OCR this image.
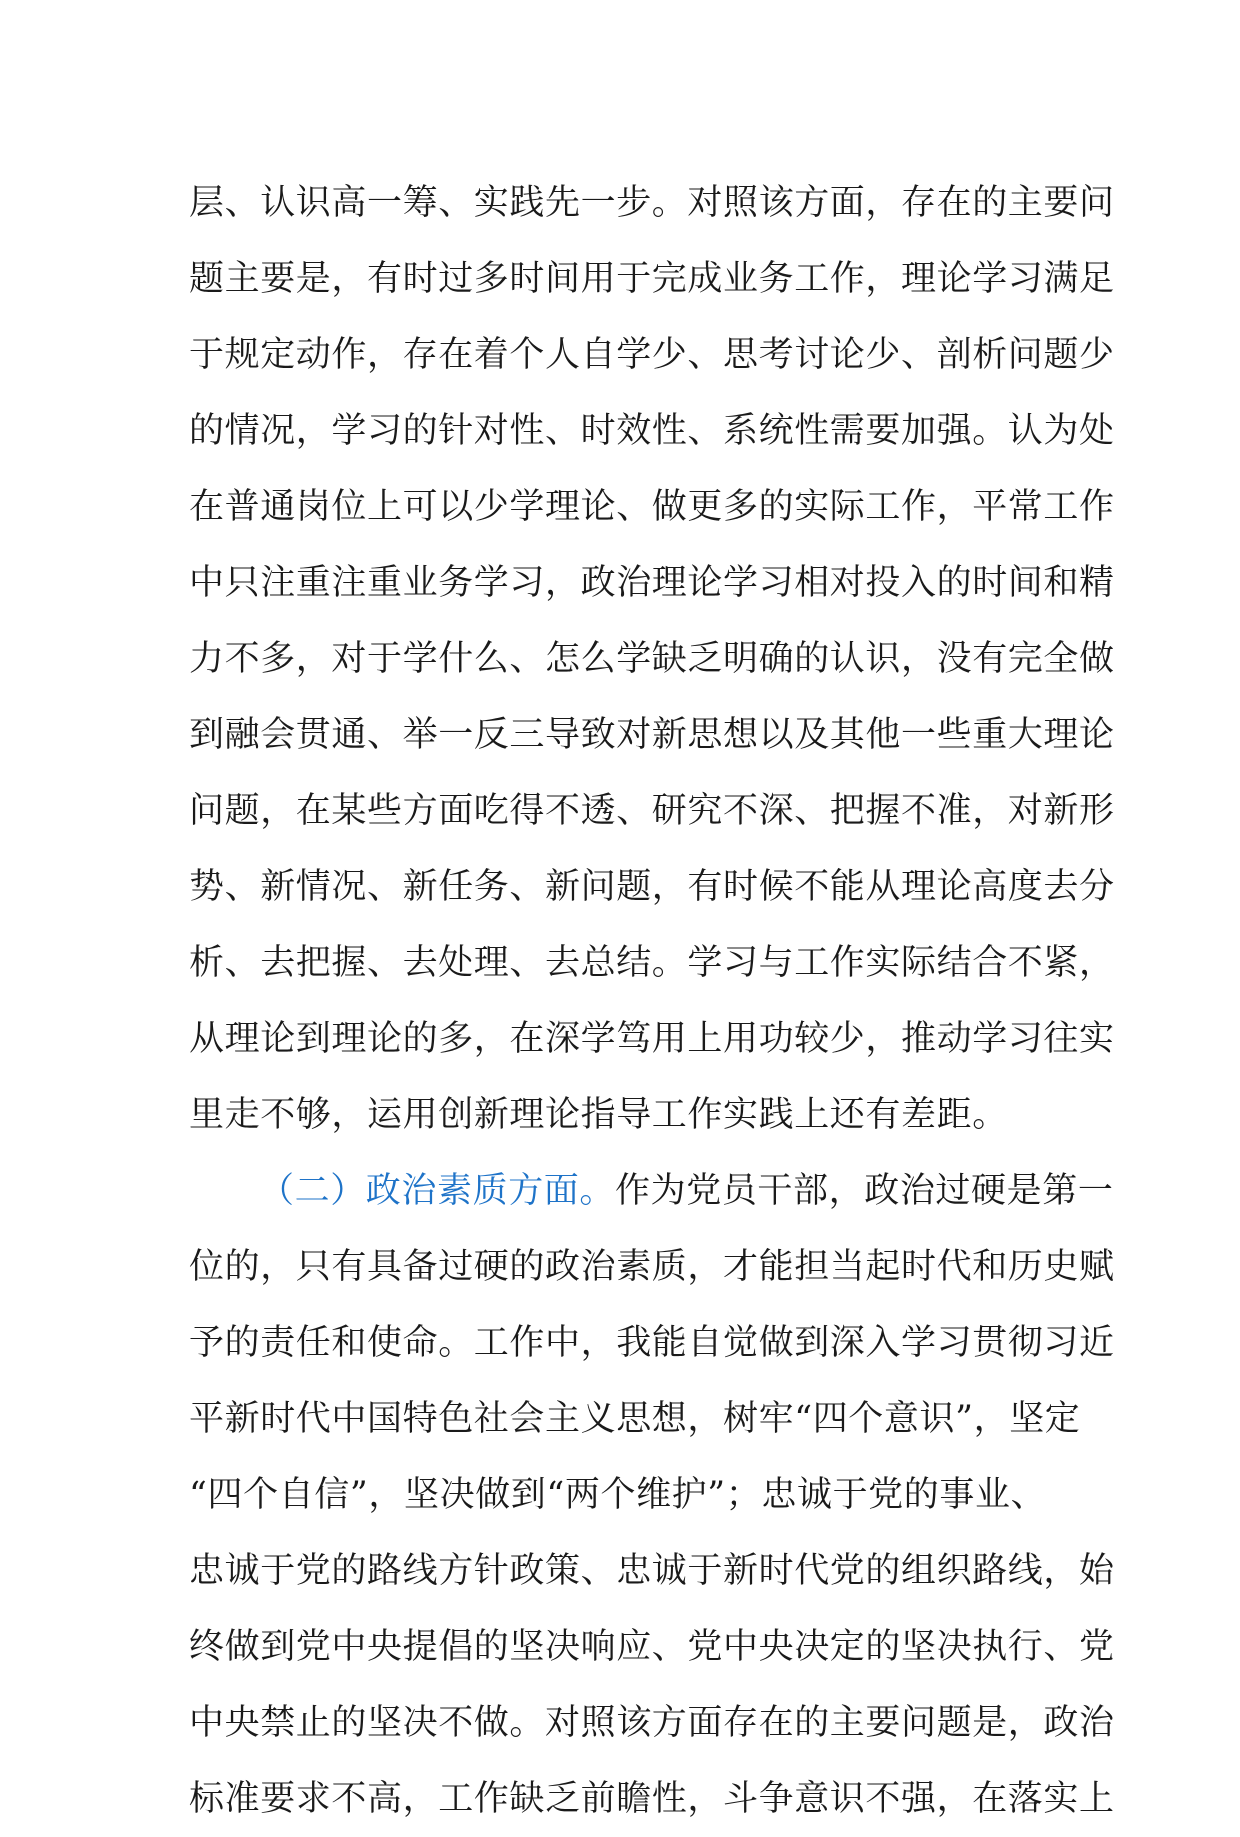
层、认识高一筹、实践先一步。对照该方面，存在的主要问
题主要是，有时过多时间用于完成业务工作，理论学习满足
于规定动作，存在着个人自学少、思考讨论少、剖析问题少
的情况，学习的针对性、时效性、系统性需要加强。认为处
在普通岗位上可以少学理论、做更多的实际工作，平常工作
中只注重注重业务学习，政治理论学习相对投入的时间和精
力不多，对于学什么、怎么学缺乏明确的认识，没有完全做
到融会贯通、举一反三导致对新思想以及其他一些重大理论
问题，在某些方面吃得不透、研究不深、把握不准，对新形
势、新情况、新任务、新问题，有时候不能从理论高度去分
析、去把握、去处理、去总结。学习与工作实际结合不紧，
从理论到理论的多，在深学笃用上用功较少，推动学习往实
里走不够，运用创新理论指导工作实践上还有差距。
（二）政治素质方面。作为党员干部，政治过硬是第一
位的，只有具备过硬的政治素质，才能担当起时代和历史赋
予的责任和使命。工作中，我能自觉做到深入学习贯彻习近
平新时代中国特色社会主义思想，树牢“四个意识”，坚定
“四个自信”，坚决做到“两个维护”；忠诚于党的事业、
忠诚于党的路线方针政策、忠诚于新时代党的组织路线，始
终做到党中央提倡的坚决响应、党中央决定的坚决执行、党
中央禁止的坚决不做。对照该方面存在的主要问题是，政治
标准要求不高，工作缺乏前瞻性，斗争意识不强，在落实上
